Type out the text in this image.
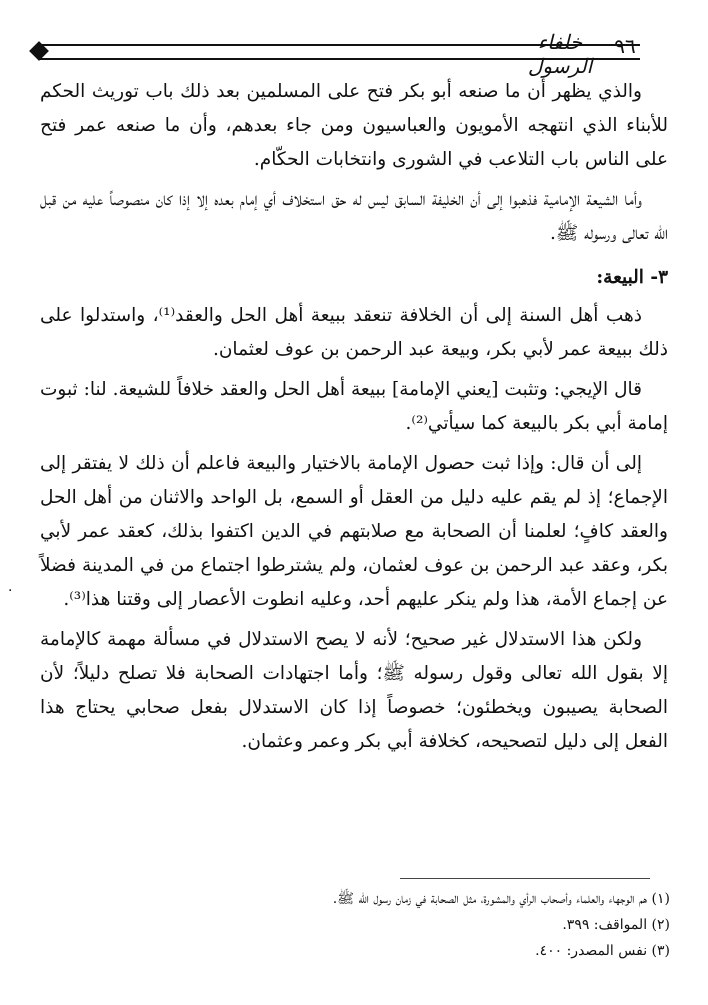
خلفاء الرسول
٩٦

والذي يظهر أن ما صنعه أبو بكر فتح على المسلمين بعد ذلك باب توريث الحكم للأبناء الذي انتهجه الأمويون والعباسيون ومن جاء بعدهم، وأن ما صنعه عمر فتح على الناس باب التلاعب في الشورى وانتخابات الحكّام.

وأما الشيعة الإمامية فذهبوا إلى أن الخليفة السابق ليس له حق استخلاف أي إمام بعده إلا إذا كان منصوصاً عليه من قبل الله تعالى ورسوله ﷺ.

٣- البيعة:

ذهب أهل السنة إلى أن الخلافة تنعقد ببيعة أهل الحل والعقد⁽¹⁾، واستدلوا على ذلك ببيعة عمر لأبي بكر، وبيعة عبد الرحمن بن عوف لعثمان.

قال الإيجي: وتثبت [يعني الإمامة] ببيعة أهل الحل والعقد خلافاً للشيعة. لنا: ثبوت إمامة أبي بكر بالبيعة كما سيأتي⁽²⁾.

إلى أن قال: وإذا ثبت حصول الإمامة بالاختيار والبيعة فاعلم أن ذلك لا يفتقر إلى الإجماع؛ إذ لم يقم عليه دليل من العقل أو السمع، بل الواحد والاثنان من أهل الحل والعقد كافٍ؛ لعلمنا أن الصحابة مع صلابتهم في الدين اكتفوا بذلك، كعقد عمر لأبي بكر، وعقد عبد الرحمن بن عوف لعثمان، ولم يشترطوا اجتماع من في المدينة فضلاً عن إجماع الأمة، هذا ولم ينكر عليهم أحد، وعليه انطوت الأعصار إلى وقتنا هذا⁽³⁾.

ولكن هذا الاستدلال غير صحيح؛ لأنه لا يصح الاستدلال في مسألة مهمة كالإمامة إلا بقول الله تعالى وقول رسوله ﷺ؛ وأما اجتهادات الصحابة فلا تصلح دليلاً؛ لأن الصحابة يصيبون ويخطئون؛ خصوصاً إذا كان الاستدلال بفعل صحابي يحتاج هذا الفعل إلى دليل لتصحيحه، كخلافة أبي بكر وعمر وعثمان.

·

(١) هم الوجهاء والعلماء وأصحاب الرأي والمشورة، مثل الصحابة في زمان رسول الله ﷺ.

(٢) المواقف: ٣٩٩.

(٣) نفس المصدر: ٤٠٠.
